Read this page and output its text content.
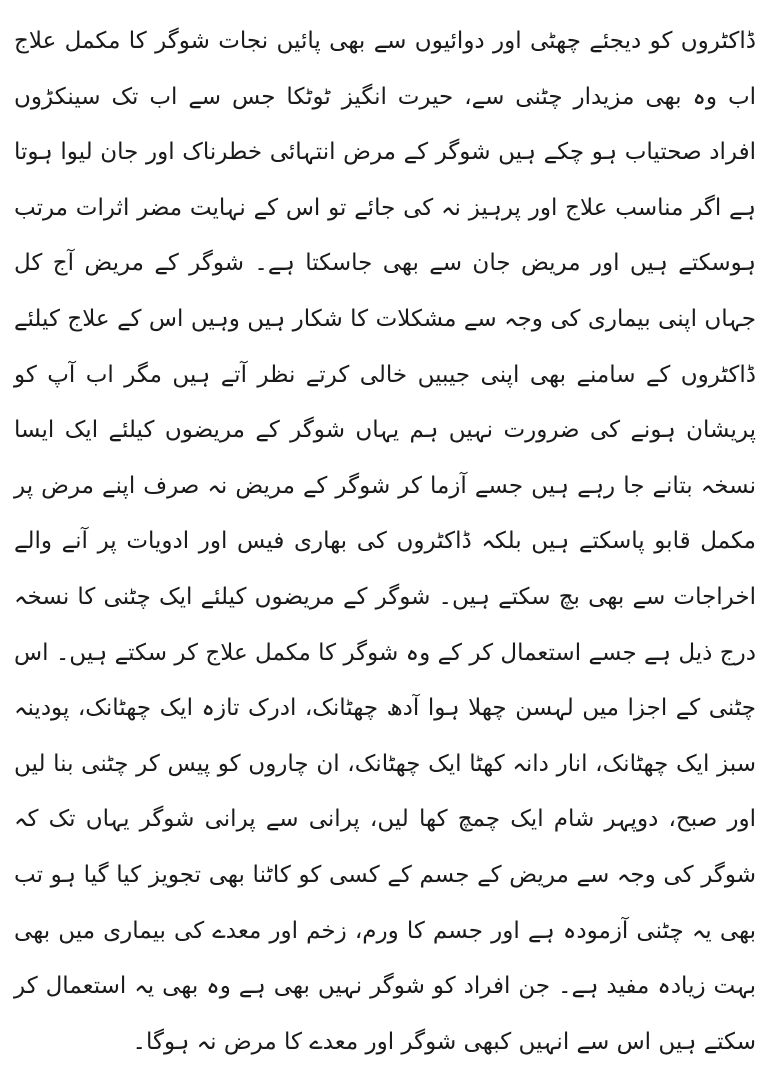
ڈاکٹروں کو دیجئے چھٹی اور دوائیوں سے بھی پائیں نجات شوگر کا مکمل علاج اب وہ بھی مزیدار چٹنی سے، حیرت انگیز ٹوٹکا جس سے اب تک سینکڑوں افراد صحتیاب ہو چکے ہیں شوگر کے مرض انتہائی خطرناک اور جان لیوا ہوتا ہے اگر مناسب علاج اور پرہیز نہ کی جائے تو اس کے نہایت مضر اثرات مرتب ہوسکتے ہیں اور مریض جان سے بھی جاسکتا ہے۔ شوگر کے مریض آج کل جہاں اپنی بیماری کی وجہ سے مشکلات کا شکار ہیں وہیں اس کے علاج کیلئے ڈاکٹروں کے سامنے بھی اپنی جیبیں خالی کرتے نظر آتے ہیں مگر اب آپ کو پریشان ہونے کی ضرورت نہیں ہم یہاں شوگر کے مریضوں کیلئے ایک ایسا نسخہ بتانے جا رہے ہیں جسے آزما کر شوگر کے مریض نہ صرف اپنے مرض پر مکمل قابو پاسکتے ہیں بلکہ ڈاکٹروں کی بھاری فیس اور ادویات پر آنے والے اخراجات سے بھی بچ سکتے ہیں۔ شوگر کے مریضوں کیلئے ایک چٹنی کا نسخہ درج ذیل ہے جسے استعمال کر کے وہ شوگر کا مکمل علاج کر سکتے ہیں۔ اس چٹنی کے اجزا میں لہسن چھلا ہوا آدھ چھٹانک، ادرک تازہ ایک چھٹانک، پودینہ سبز ایک چھٹانک، انار دانہ کھٹا ایک چھٹانک، ان چاروں کو پیس کر چٹنی بنا لیں اور صبح، دوپہر شام ایک چمچ کھا لیں، پرانی سے پرانی شوگر یہاں تک کہ شوگر کی وجہ سے مریض کے جسم کے کسی کو کاٹنا بھی تجویز کیا گیا ہو تب بھی یہ چٹنی آزمودہ ہے اور جسم کا ورم، زخم اور معدے کی بیماری میں بھی بہت زیادہ مفید ہے۔ جن افراد کو شوگر نہیں بھی ہے وہ بھی یہ استعمال کر سکتے ہیں اس سے انہیں کبھی شوگر اور معدے کا مرض نہ ہوگا۔
